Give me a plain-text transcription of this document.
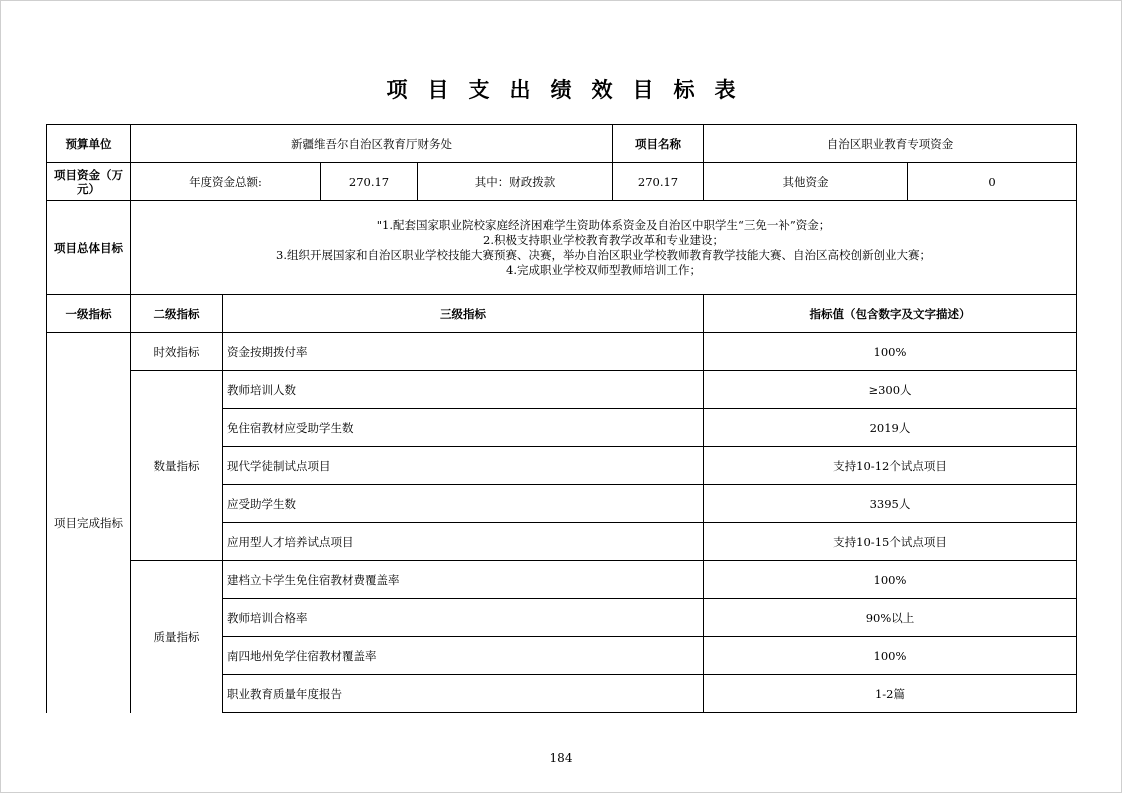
项目支出绩效目标表
预算单位	新疆维吾尔自治区教育厅财务处				项目名称	自治区职业教育专项资金	
项目资金（万元）	年度资金总额:		270.17	其中：财政拨款	270.17	其他资金	0
项目总体目标	"1.配套国家职业院校家庭经济困难学生资助体系资金及自治区中职学生“三免一补”资金；
2.积极支持职业学校教育教学改革和专业建设；
3.组织开展国家和自治区职业学校技能大赛预赛、决赛，举办自治区职业学校教师教育教学技能大赛、自治区高校创新创业大赛；
4.完成职业学校双师型教师培训工作；						

一级指标	二级指标	三级指标				指标值（包含数字及文字描述）	
项目完成指标	时效指标	资金按期拨付率				100%	
	数量指标	教师培训人数				≥300人	
		免住宿教材应受助学生数				2019人	
		现代学徒制试点项目				支持10-12个试点项目	
		应受助学生数				3395人	
		应用型人才培养试点项目				支持10-15个试点项目	
	质量指标	建档立卡学生免住宿教材费覆盖率				100%	
		教师培训合格率				90%以上	
		南四地州免学住宿教材覆盖率				100%	
		职业教育质量年度报告				1-2篇	
184
